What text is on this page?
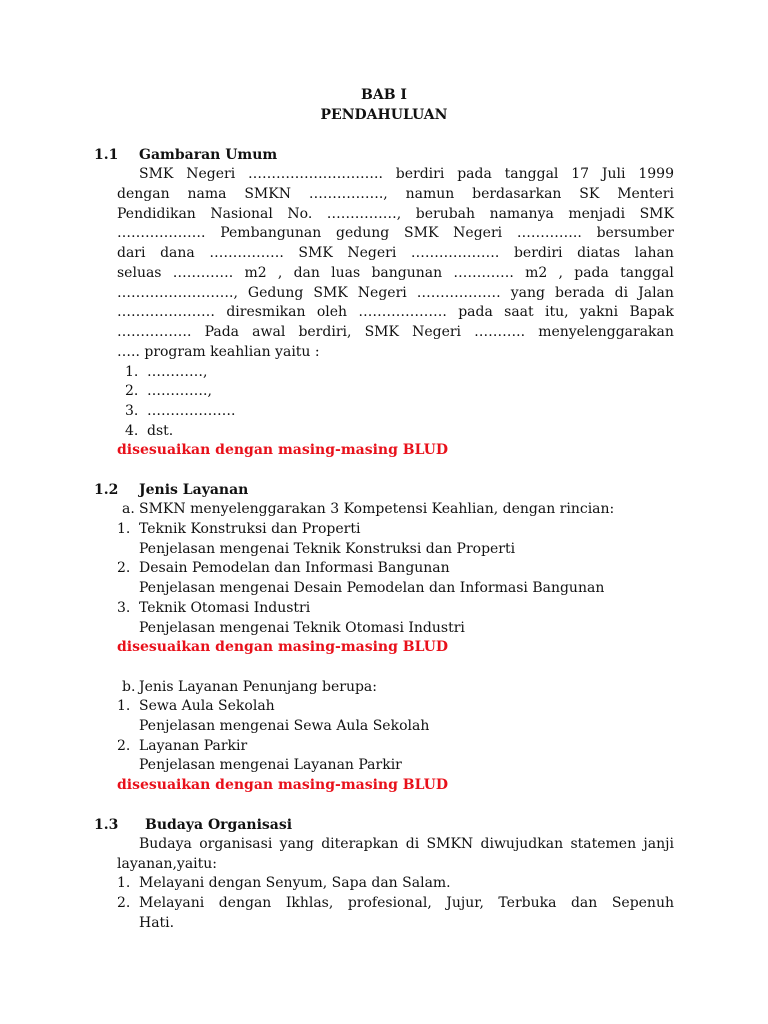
BAB I
PENDAHULUAN
1.1 Gambaran Umum
SMK Negeri ……………………….. berdiri pada tanggal 17 Juli 1999
dengan nama SMKN ……………., namun berdasarkan SK Menteri
Pendidikan Nasional No. ……………, berubah namanya menjadi SMK
………………. Pembangunan gedung SMK Negeri ………….. bersumber
dari dana ……………. SMK Negeri ………………. berdiri diatas lahan
seluas …………. m2 , dan luas bangunan …………. m2 , pada tanggal
……………………., Gedung SMK Negeri ……………… yang berada di Jalan
………………… diresmikan oleh ………………. pada saat itu, yakni Bapak
……………. Pada awal berdiri, SMK Negeri ……….. menyelenggarakan
….. program keahlian yaitu :
1. …………,
2. ………….,
3. ……………….
4. dst.
disesuaikan dengan masing-masing BLUD
1.2 Jenis Layanan
a. SMKN menyelenggarakan 3 Kompetensi Keahlian, dengan rincian:
1. Teknik Konstruksi dan Properti
Penjelasan mengenai Teknik Konstruksi dan Properti
2. Desain Pemodelan dan Informasi Bangunan
Penjelasan mengenai Desain Pemodelan dan Informasi Bangunan
3. Teknik Otomasi Industri
Penjelasan mengenai Teknik Otomasi Industri
disesuaikan dengan masing-masing BLUD
b. Jenis Layanan Penunjang berupa:
1. Sewa Aula Sekolah
Penjelasan mengenai Sewa Aula Sekolah
2. Layanan Parkir
Penjelasan mengenai Layanan Parkir
disesuaikan dengan masing-masing BLUD
1.3 Budaya Organisasi
Budaya organisasi yang diterapkan di SMKN diwujudkan statemen janji
layanan,yaitu:
1. Melayani dengan Senyum, Sapa dan Salam.
2. Melayani dengan Ikhlas, profesional, Jujur, Terbuka dan Sepenuh
Hati.
